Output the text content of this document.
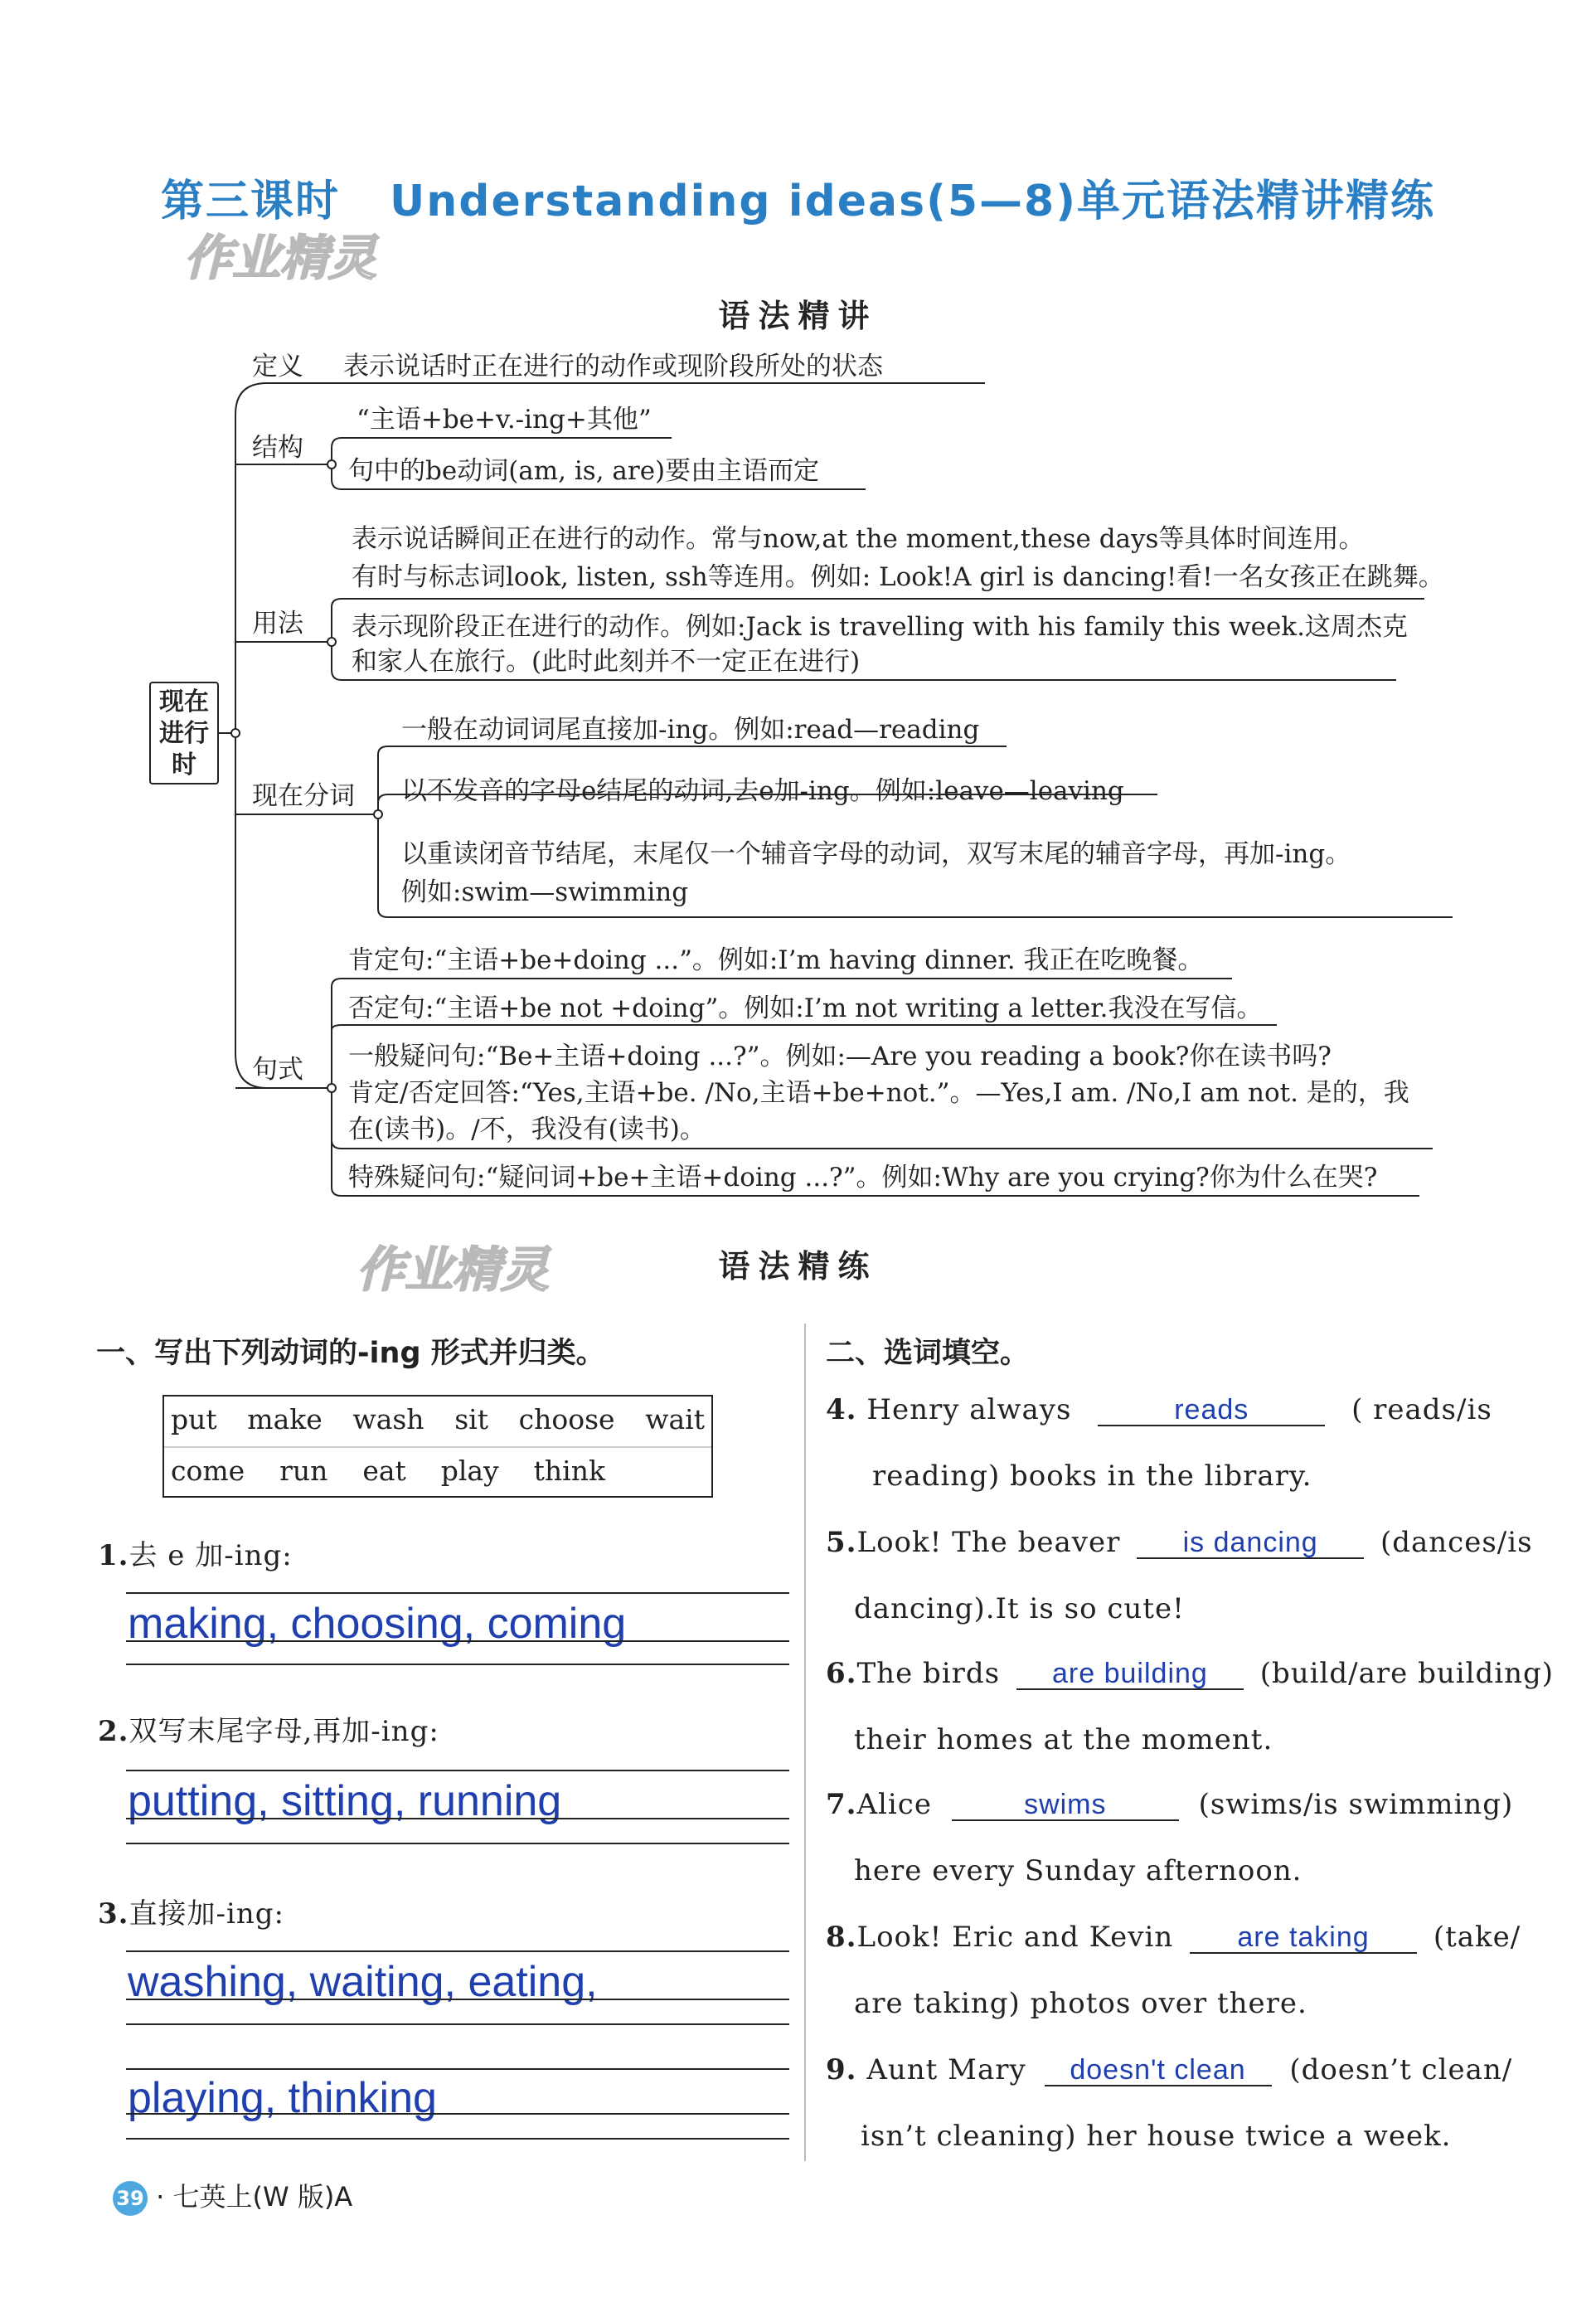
第三课时 Understanding ideas(5—8)单元语法精讲精练
作业精灵
语法精讲
现在
进行
时
定义 表示说话时正在进行的动作或现阶段所处的状态
结构
“主语+be+v.-ing+其他”
句中的be动词(am, is, are)要由主语而定
用法
表示说话瞬间正在进行的动作。常与now,at the moment,these days等具体时间连用。
有时与标志词look, listen, ssh等连用。例如: Look!A girl is dancing!看!一名女孩正在跳舞。
表示现阶段正在进行的动作。例如:Jack is travelling with his family this week.这周杰克
和家人在旅行。(此时此刻并不一定正在进行)
现在分词
一般在动词词尾直接加-ing。例如:read—reading
以不发音的字母e结尾的动词,去e加-ing。例如:leave—leaving
以重读闭音节结尾，末尾仅一个辅音字母的动词，双写末尾的辅音字母，再加-ing。
例如:swim—swimming
句式
肯定句:“主语+be+doing ...”。例如:I’m having dinner. 我正在吃晚餐。
否定句:“主语+be not +doing”。例如:I’m not writing a letter.我没在写信。
一般疑问句:“Be+主语+doing ...?”。例如:—Are you reading a book?你在读书吗?
肯定/否定回答:“Yes,主语+be. /No,主语+be+not.”。—Yes,I am. /No,I am not. 是的，我
在(读书)。/不，我没有(读书)。
特殊疑问句:“疑问词+be+主语+doing ...?”。例如:Why are you crying?你为什么在哭?
作业精灵	语法精练
一、写出下列动词的-ing 形式并归类。
put make wash sit choose wait
come run eat play think
1.去 e 加-ing:
making, choosing, coming
2.双写末尾字母,再加-ing:
putting, sitting, running
3.直接加-ing:
washing, waiting, eating,
playing, thinking
二、选词填空。
4. Henry always	reads	( reads/is
reading) books in the library.
5.Look! The beaver is dancing (dances/is
dancing).It is so cute!
6.The birds are building (build/are building)
their homes at the moment.
7.Alice	swims	(swims/is swimming)
here every Sunday afternoon.
8.Look! Eric and Kevin are taking (take/
are taking) photos over there.
9. Aunt Mary doesn't clean (doesn’t clean/
isn’t cleaning) her house twice a week.
39 · 七英上(W 版)A
